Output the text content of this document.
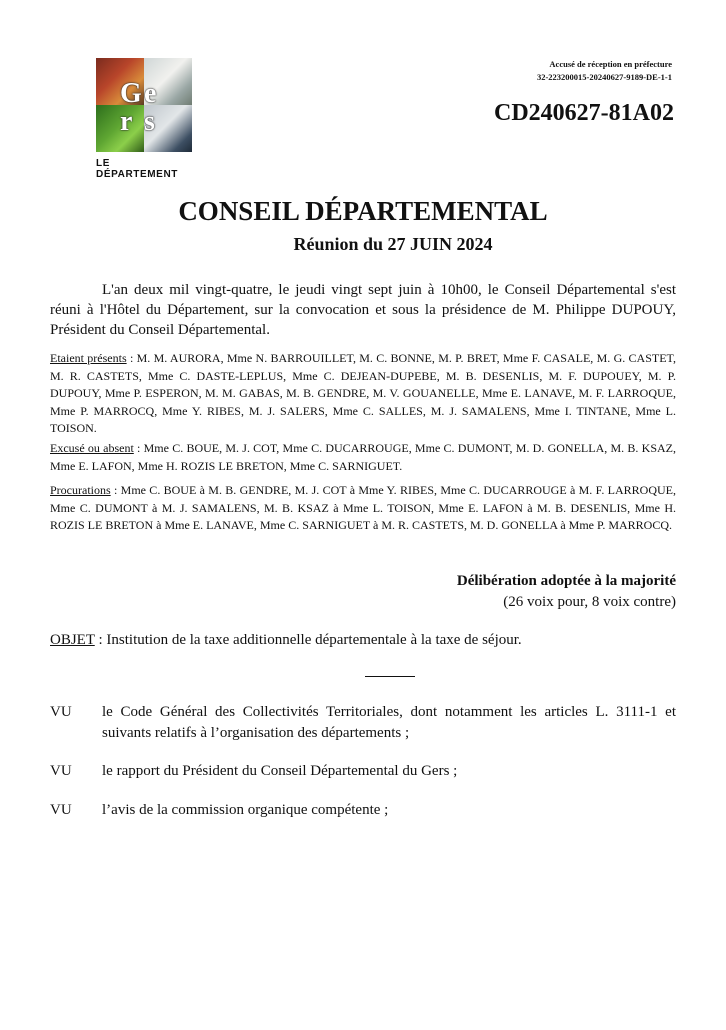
G e
r s
LE DÉPARTEMENT
Accusé de réception en préfecture
32-223200015-20240627-9189-DE-1-1
CD240627-81A02
CONSEIL DÉPARTEMENTAL
Réunion du 27 JUIN 2024
L'an deux mil vingt-quatre, le jeudi vingt sept juin à 10h00, le Conseil Départemental s'est réuni à l'Hôtel du Département, sur la convocation et sous la présidence de M. Philippe DUPOUY, Président du Conseil Départemental.
Etaient présents : M. M. AURORA, Mme N. BARROUILLET, M. C. BONNE, M. P. BRET, Mme F. CASALE, M. G. CASTET, M. R. CASTETS, Mme C. DASTE-LEPLUS, Mme C. DEJEAN-DUPEBE, M. B. DESENLIS, M. F. DUPOUEY, M. P. DUPOUY, Mme P. ESPERON, M. M. GABAS, M. B. GENDRE, M. V. GOUANELLE, Mme E. LANAVE, M. F. LARROQUE, Mme P. MARROCQ, Mme Y. RIBES, M. J. SALERS, Mme C. SALLES, M. J. SAMALENS, Mme I. TINTANE, Mme L. TOISON.
Excusé ou absent : Mme C. BOUE, M. J. COT, Mme C. DUCARROUGE, Mme C. DUMONT, M. D. GONELLA, M. B. KSAZ, Mme E. LAFON, Mme H. ROZIS LE BRETON, Mme C. SARNIGUET.
Procurations : Mme C. BOUE à M. B. GENDRE, M. J. COT à Mme Y. RIBES, Mme C. DUCARROUGE à M. F. LARROQUE, Mme C. DUMONT à M. J. SAMALENS, M. B. KSAZ à Mme L. TOISON, Mme E. LAFON à M. B. DESENLIS, Mme H. ROZIS LE BRETON à Mme E. LANAVE, Mme C. SARNIGUET à M. R. CASTETS, M. D. GONELLA à Mme P. MARROCQ.
Délibération adoptée à la majorité
(26 voix pour, 8 voix contre)
OBJET : Institution de la taxe additionnelle départementale à la taxe de séjour.
VU	le Code Général des Collectivités Territoriales, dont notamment les articles L. 3111-1 et suivants relatifs à l’organisation des départements ;
VU	le rapport du Président du Conseil Départemental du Gers ;
VU	l’avis de la commission organique compétente ;
